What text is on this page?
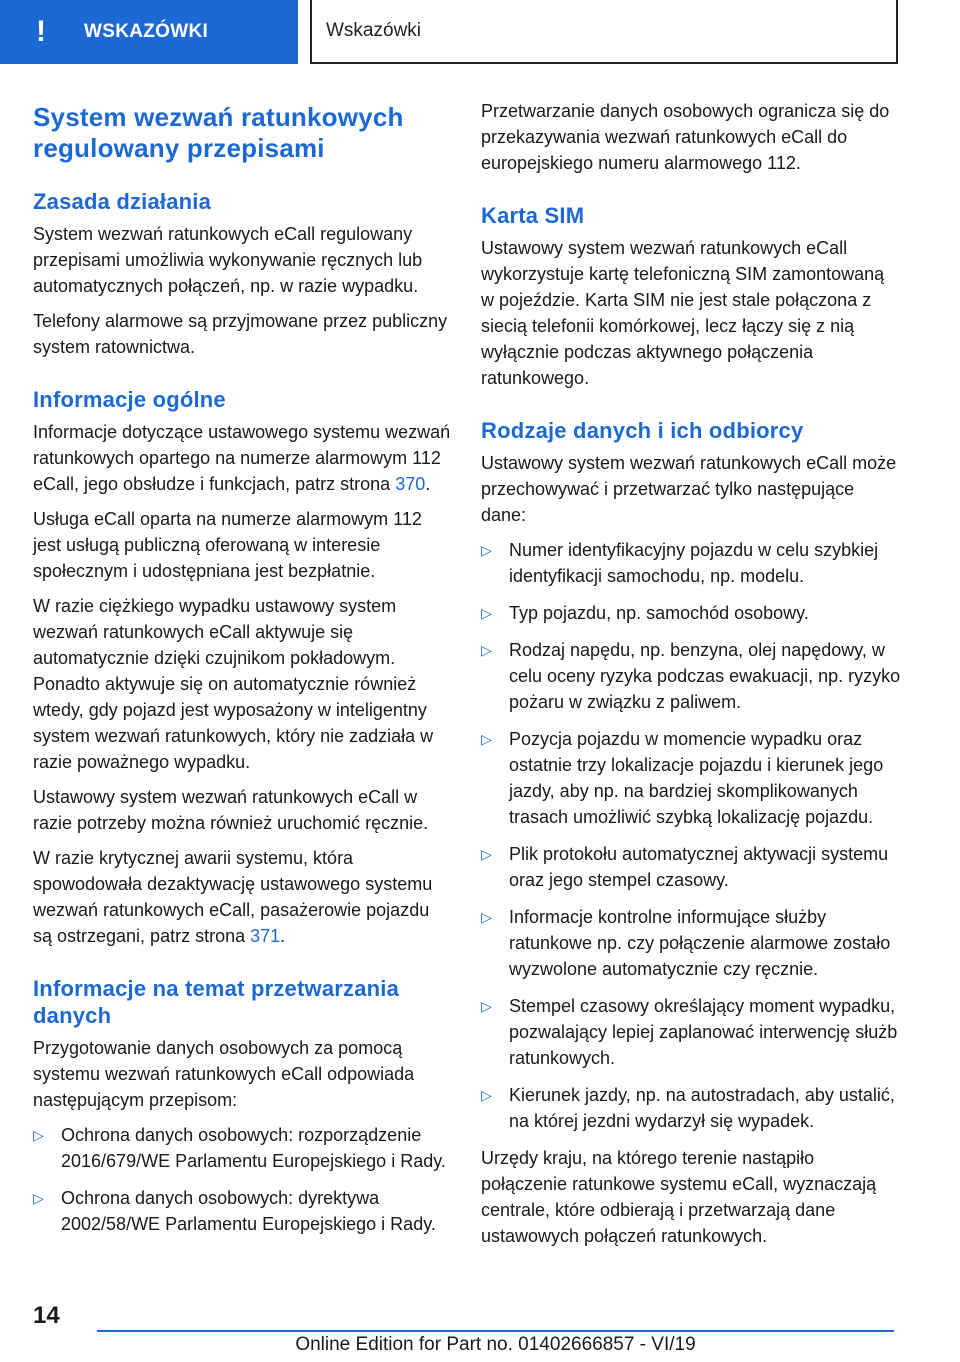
!	WSKAZÓWKI	Wskazówki
System wezwań ratunkowych regulowany przepisami
Zasada działania

System wezwań ratunkowych eCall regulowany przepisami umożliwia wykonywanie ręcznych lub automatycznych połączeń, np. w razie wypadku.

Telefony alarmowe są przyjmowane przez publiczny system ratownictwa.

Informacje ogólne

Informacje dotyczące ustawowego systemu wezwań ratunkowych opartego na numerze alarmowym 112 eCall, jego obsłudze i funkcjach, patrz strona 370.

Usługa eCall oparta na numerze alarmowym 112 jest usługą publiczną oferowaną w interesie społecznym i udostępniana jest bezpłatnie.

W razie ciężkiego wypadku ustawowy system wezwań ratunkowych eCall aktywuje się automatycznie dzięki czujnikom pokładowym. Ponadto aktywuje się on automatycznie również wtedy, gdy pojazd jest wyposażony w inteligentny system wezwań ratunkowych, który nie zadziała w razie poważnego wypadku.

Ustawowy system wezwań ratunkowych eCall w razie potrzeby można również uruchomić ręcznie.

W razie krytycznej awarii systemu, która spowodowała dezaktywację ustawowego systemu wezwań ratunkowych eCall, pasażerowie pojazdu są ostrzegani, patrz strona 371.

Informacje na temat przetwarzania danych

Przygotowanie danych osobowych za pomocą systemu wezwań ratunkowych eCall odpowiada następującym przepisom:

▷ Ochrona danych osobowych: rozporządzenie 2016/679/WE Parlamentu Europejskiego i Rady.
▷ Ochrona danych osobowych: dyrektywa 2002/58/WE Parlamentu Europejskiego i Rady.

Przetwarzanie danych osobowych ogranicza się do przekazywania wezwań ratunkowych eCall do europejskiego numeru alarmowego 112.

Karta SIM

Ustawowy system wezwań ratunkowych eCall wykorzystuje kartę telefoniczną SIM zamontowaną w pojeździe. Karta SIM nie jest stale połączona z siecią telefonii komórkowej, lecz łączy się z nią wyłącznie podczas aktywnego połączenia ratunkowego.

Rodzaje danych i ich odbiorcy

Ustawowy system wezwań ratunkowych eCall może przechowywać i przetwarzać tylko następujące dane:

▷ Numer identyfikacyjny pojazdu w celu szybkiej identyfikacji samochodu, np. modelu.
▷ Typ pojazdu, np. samochód osobowy.
▷ Rodzaj napędu, np. benzyna, olej napędowy, w celu oceny ryzyka podczas ewakuacji, np. ryzyko pożaru w związku z paliwem.
▷ Pozycja pojazdu w momencie wypadku oraz ostatnie trzy lokalizacje pojazdu i kierunek jego jazdy, aby np. na bardziej skomplikowanych trasach umożliwić szybką lokalizację pojazdu.
▷ Plik protokołu automatycznej aktywacji systemu oraz jego stempel czasowy.
▷ Informacje kontrolne informujące służby ratunkowe np. czy połączenie alarmowe zostało wyzwolone automatycznie czy ręcznie.
▷ Stempel czasowy określający moment wypadku, pozwalający lepiej zaplanować interwencję służb ratunkowych.
▷ Kierunek jazdy, np. na autostradach, aby ustalić, na której jezdni wydarzył się wypadek.

Urzędy kraju, na którego terenie nastąpiło połączenie ratunkowe systemu eCall, wyznaczają centrale, które odbierają i przetwarzają dane ustawowych połączeń ratunkowych.

14
Online Edition for Part no. 01402666857 - VI/19
